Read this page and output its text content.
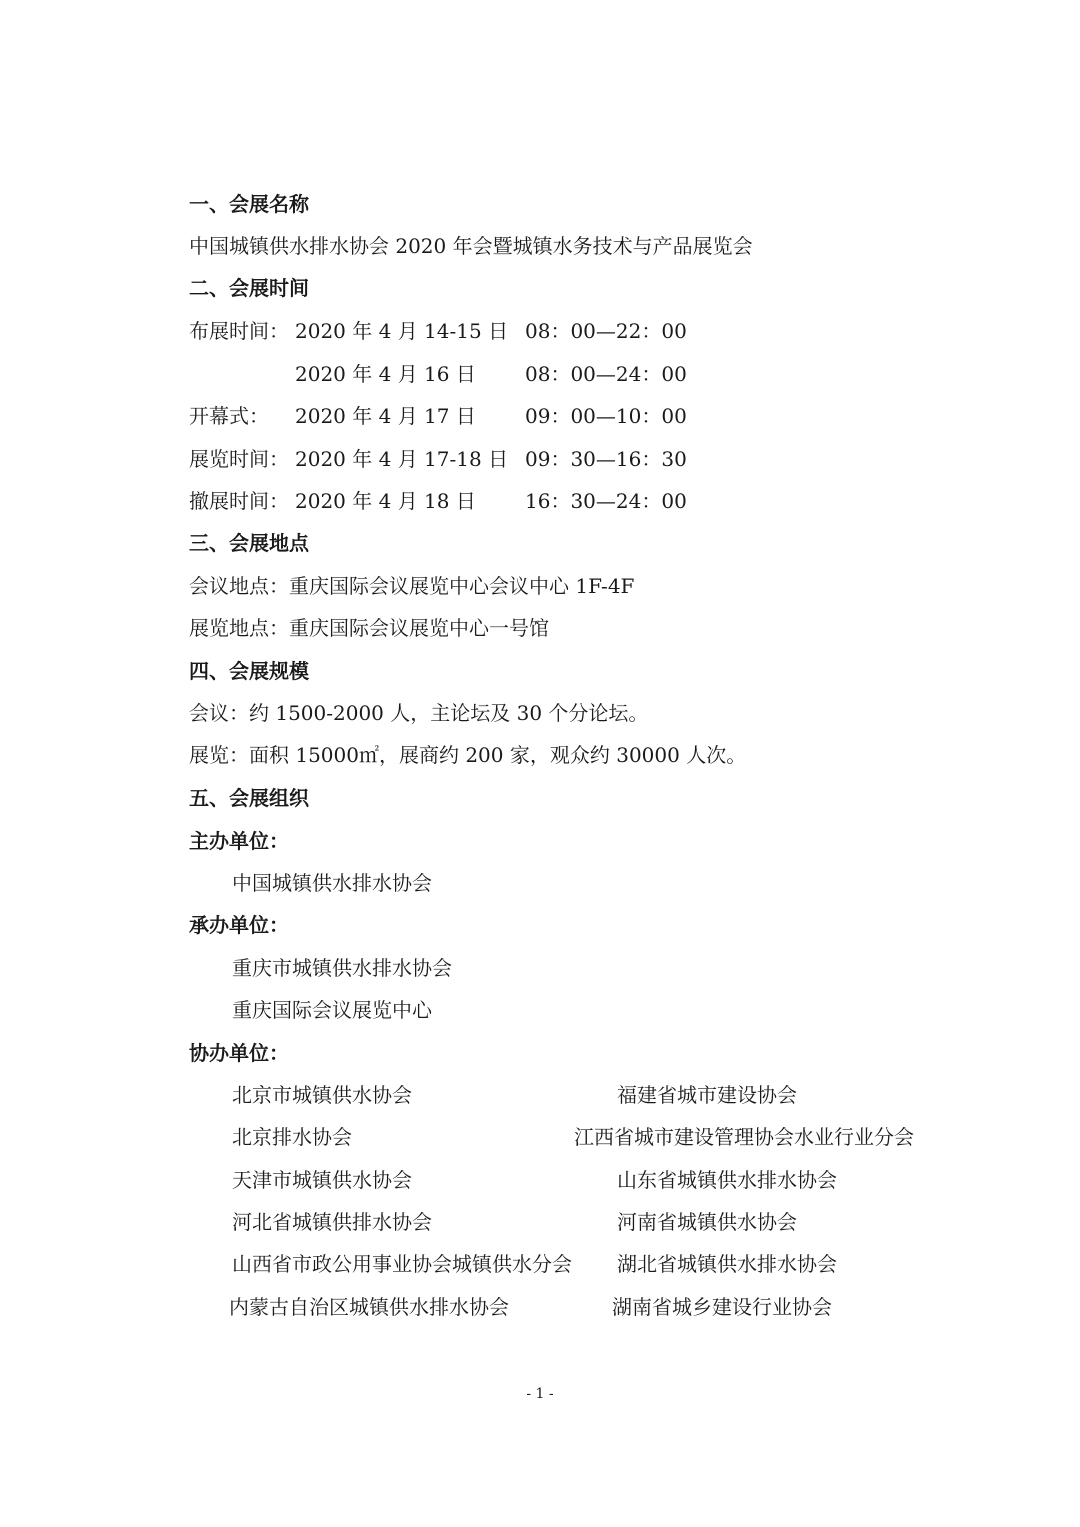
一、会展名称
中国城镇供水排水协会 2020 年会暨城镇水务技术与产品展览会
二、会展时间
布展时间： 2020 年 4 月 14-15 日 08：00—22：00
2020 年 4 月 16 日 08：00—24：00
开幕式： 2020 年 4 月 17 日 09：00—10：00
展览时间： 2020 年 4 月 17-18 日 09：30—16：30
撤展时间： 2020 年 4 月 18 日 16：30—24：00
三、会展地点
会议地点：重庆国际会议展览中心会议中心 1F-4F
展览地点：重庆国际会议展览中心一号馆
四、会展规模
会议：约 1500-2000 人，主论坛及 30 个分论坛。
展览：面积 15000㎡，展商约 200 家，观众约 30000 人次。
五、会展组织
主办单位：
中国城镇供水排水协会
承办单位：
重庆市城镇供水排水协会
重庆国际会议展览中心
协办单位：
北京市城镇供水协会
北京排水协会
天津市城镇供水协会
河北省城镇供排水协会
山西省市政公用事业协会城镇供水分会
内蒙古自治区城镇供水排水协会
福建省城市建设协会
江西省城市建设管理协会水业行业分会
山东省城镇供水排水协会
河南省城镇供水协会
湖北省城镇供水排水协会
湖南省城乡建设行业协会
- 1 -
